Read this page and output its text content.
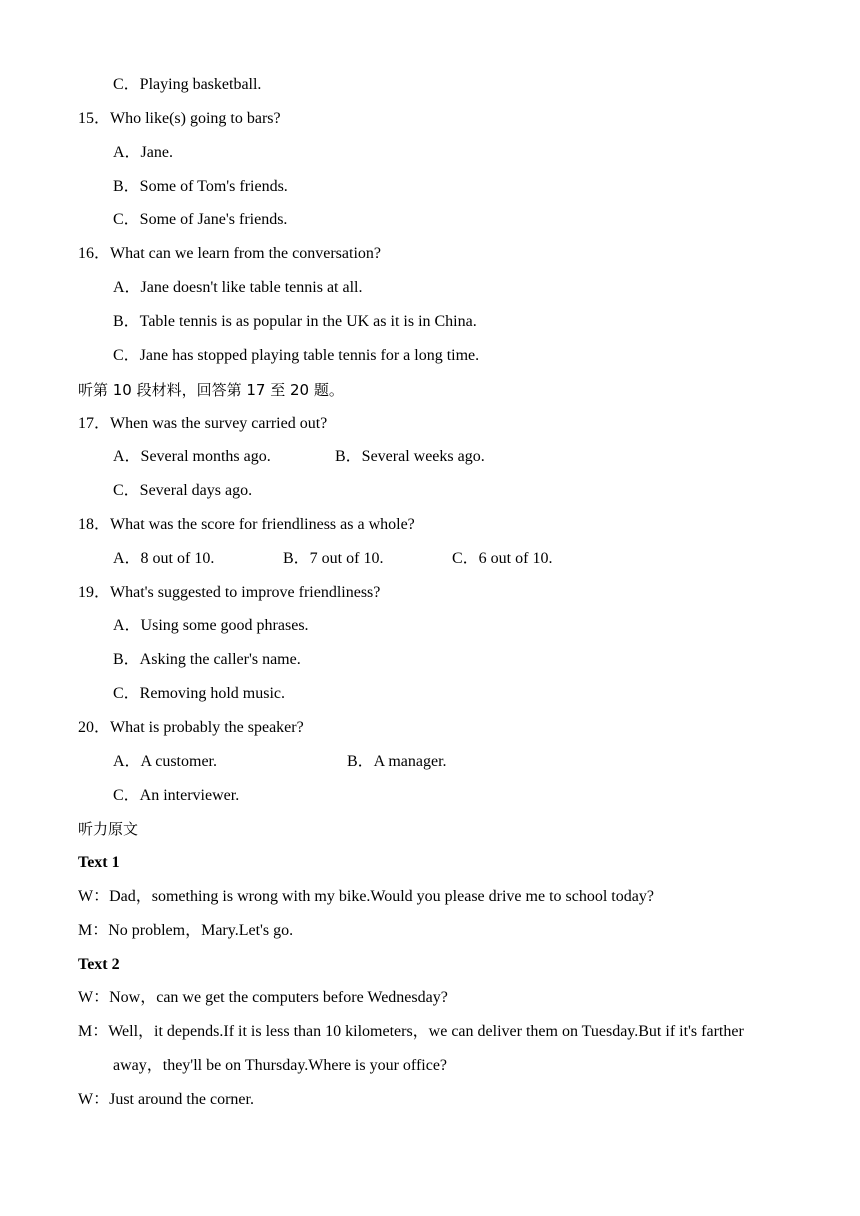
C．Playing basketball.
15．Who like(s) going to bars?
A．Jane.
B．Some of Tom's friends.
C．Some of Jane's friends.
16．What can we learn from the conversation?
A．Jane doesn't like table tennis at all.
B．Table tennis is as popular in the UK as it is in China.
C．Jane has stopped playing table tennis for a long time.
听第 10 段材料，回答第 17 至 20 题。
17．When was the survey carried out?
A．Several months ago.	B．Several weeks ago.
C．Several days ago.
18．What was the score for friendliness as a whole?
A．8 out of 10.	B．7 out of 10.	C．6 out of 10.
19．What's suggested to improve friendliness?
A．Using some good phrases.
B．Asking the caller's name.
C．Removing hold music.
20．What is probably the speaker?
A．A customer.	B．A manager.
C．An interviewer.
听力原文
Text 1
W：Dad，something is wrong with my bike.Would you please drive me to school today?
M：No problem，Mary.Let's go.
Text 2
W：Now，can we get the computers before Wednesday?
M：Well，it depends.If it is less than 10 kilometers，we can deliver them on Tuesday.But if it's farther
away，they'll be on Thursday.Where is your office?
W：Just around the corner.
